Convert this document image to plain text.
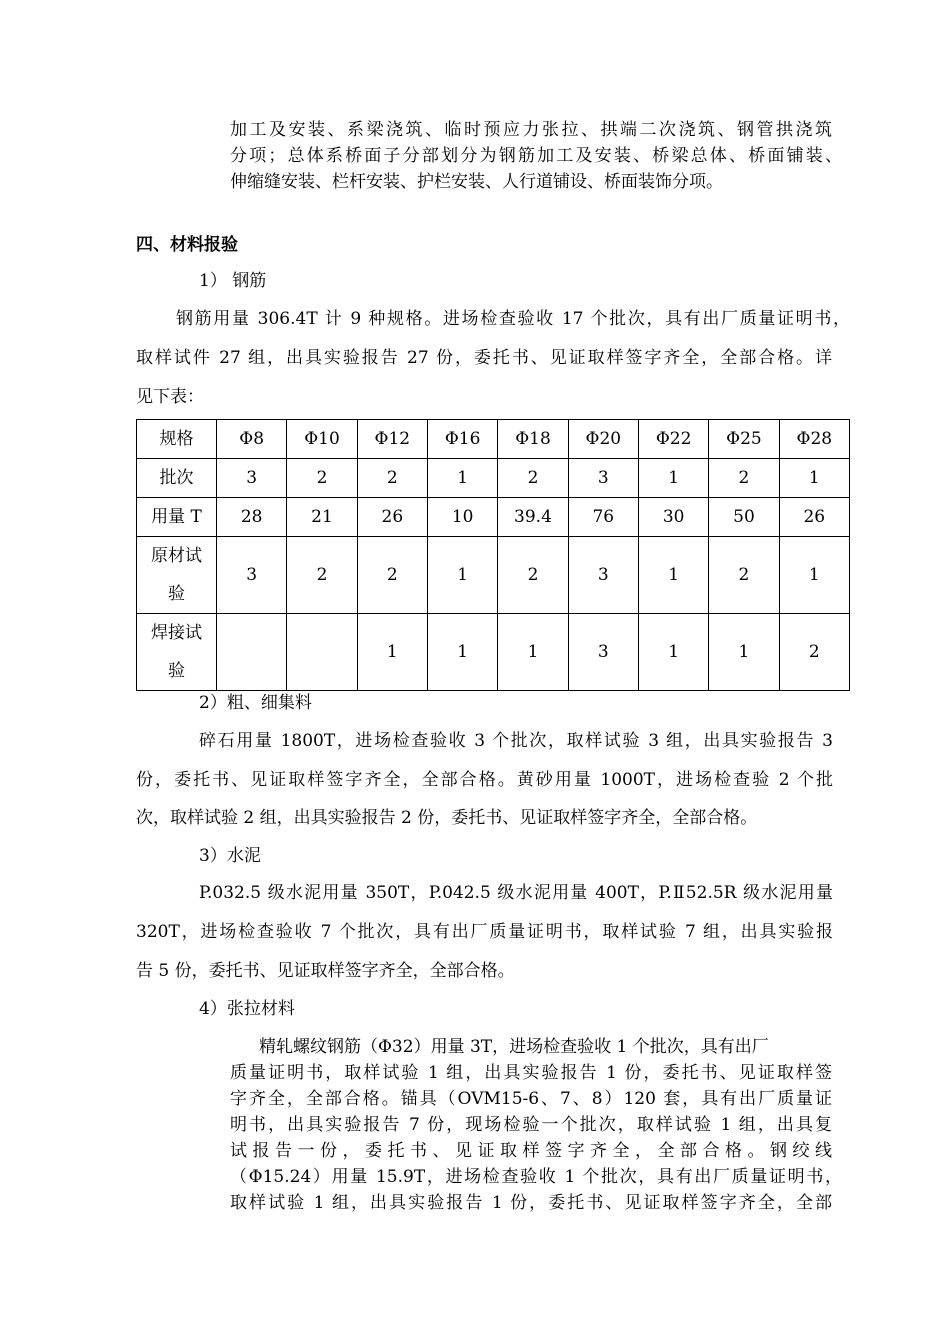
加工及安装、系梁浇筑、临时预应力张拉、拱端二次浇筑、钢管拱浇筑
分项；总体系桥面子分部划分为钢筋加工及安装、桥梁总体、桥面铺装、
伸缩缝安装、栏杆安装、护栏安装、人行道铺设、桥面装饰分项。
四、材料报验
1） 钢筋
钢筋用量 306.4T 计 9 种规格。进场检查验收 17 个批次，具有出厂质量证明书，
取样试件 27 组，出具实验报告 27 份，委托书、见证取样签字齐全，全部合格。详
见下表：
规格	Φ8	Φ10	Φ12	Φ16	Φ18	Φ20	Φ22	Φ25	Φ28
批次	3	2	2	1	2	3	1	2	1
用量 T	28	21	26	10	39.4	76	30	50	26

原材试
验	3	2	2	1	2	3	1	2	1

焊接试
验			1	1	1	3	1	1	2
2）粗、细集料
碎石用量 1800T，进场检查验收 3 个批次，取样试验 3 组，出具实验报告 3
份，委托书、见证取样签字齐全，全部合格。黄砂用量 1000T，进场检查验 2 个批
次，取样试验 2 组，出具实验报告 2 份，委托书、见证取样签字齐全，全部合格。
3）水泥
P.032.5 级水泥用量 350T，P.042.5 级水泥用量 400T，P.Ⅱ52.5R 级水泥用量
320T，进场检查验收 7 个批次，具有出厂质量证明书，取样试验 7 组，出具实验报
告 5 份，委托书、见证取样签字齐全，全部合格。
4）张拉材料
精轧螺纹钢筋（Φ32）用量 3T，进场检查验收 1 个批次，具有出厂
质量证明书，取样试验 1 组，出具实验报告 1 份，委托书、见证取样签
字齐全，全部合格。锚具（OVM15-6、7、8）120 套，具有出厂质量证
明书，出具实验报告 7 份，现场检验一个批次，取样试验 1 组，出具复
试报告一份，委托书、见证取样签字齐全，全部合格。钢绞线
（Φ15.24）用量 15.9T，进场检查验收 1 个批次，具有出厂质量证明书，
取样试验 1 组，出具实验报告 1 份，委托书、见证取样签字齐全，全部
